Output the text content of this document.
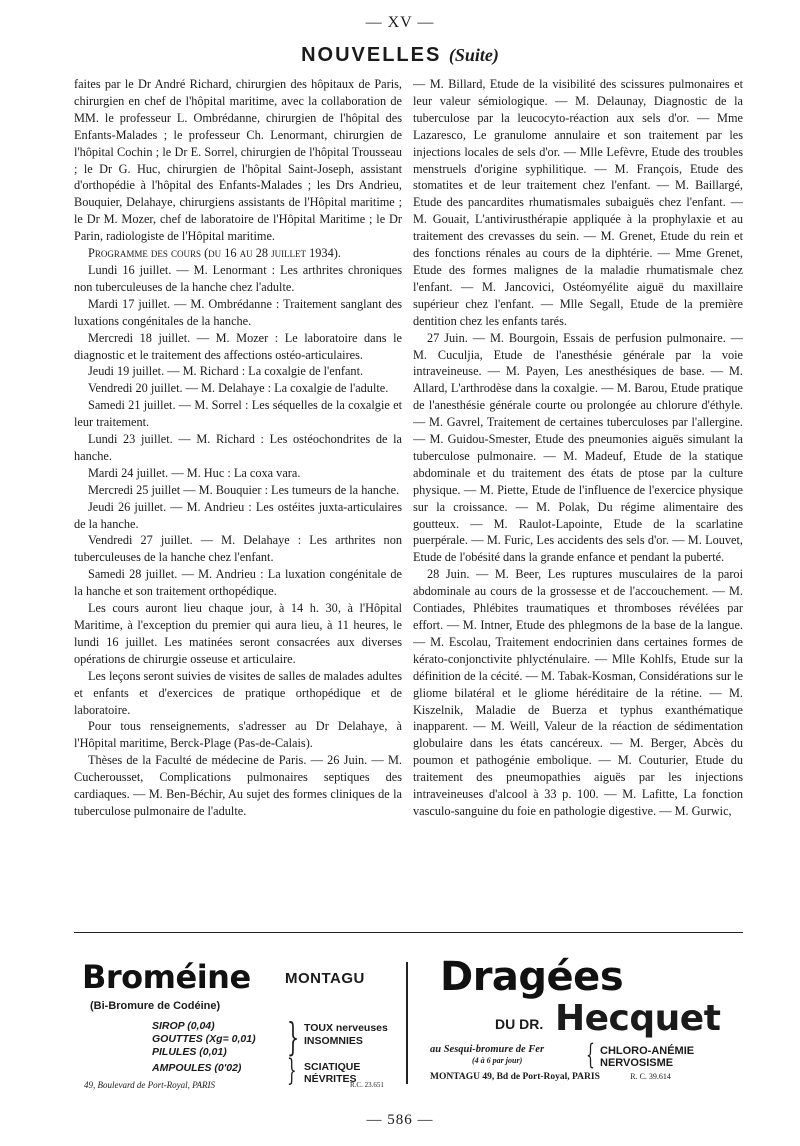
— XV —
NOUVELLES (Suite)

faites par le Dr André Richard, chirurgien des hôpitaux de Paris, chirurgien en chef de l'hôpital maritime, avec la collaboration de MM. le professeur L. Ombrédanne, chirurgien de l'hôpital des Enfants-Malades ; le professeur Ch. Lenormant, chirurgien de l'hôpital Cochin ; le Dr E. Sorrel, chirurgien de l'hôpital Trousseau ; le Dr G. Huc, chirurgien de l'hôpital Saint-Joseph, assistant d'orthopédie à l'hôpital des Enfants-Malades ; les Drs Andrieu, Bouquier, Delahaye, chirurgiens assistants de l'Hôpital maritime ; le Dr M. Mozer, chef de laboratoire de l'Hôpital Maritime ; le Dr Parin, radiologiste de l'Hôpital maritime.

Programme des cours (du 16 au 28 juillet 1934).

Lundi 16 juillet. — M. Lenormant : Les arthrites chroniques non tuberculeuses de la hanche chez l'adulte.

Mardi 17 juillet. — M. Ombrédanne : Traitement sanglant des luxations congénitales de la hanche.

Mercredi 18 juillet. — M. Mozer : Le laboratoire dans le diagnostic et le traitement des affections ostéo-articulaires.

Jeudi 19 juillet. — M. Richard : La coxalgie de l'enfant.

Vendredi 20 juillet. — M. Delahaye : La coxalgie de l'adulte.

Samedi 21 juillet. — M. Sorrel : Les séquelles de la coxalgie et leur traitement.

Lundi 23 juillet. — M. Richard : Les ostéochondrites de la hanche.

Mardi 24 juillet. — M. Huc : La coxa vara.

Mercredi 25 juillet — M. Bouquier : Les tumeurs de la hanche.

Jeudi 26 juillet. — M. Andrieu : Les ostéites juxta-articulaires de la hanche.

Vendredi 27 juillet. — M. Delahaye : Les arthrites non tuberculeuses de la hanche chez l'enfant.

Samedi 28 juillet. — M. Andrieu : La luxation congénitale de la hanche et son traitement orthopédique.

Les cours auront lieu chaque jour, à 14 h. 30, à l'Hôpital Maritime, à l'exception du premier qui aura lieu, à 11 heures, le lundi 16 juillet. Les matinées seront consacrées aux diverses opérations de chirurgie osseuse et articulaire.

Les leçons seront suivies de visites de salles de malades adultes et enfants et d'exercices de pratique orthopédique et de laboratoire.

Pour tous renseignements, s'adresser au Dr Delahaye, à l'Hôpital maritime, Berck-Plage (Pas-de-Calais).

Thèses de la Faculté de médecine de Paris. — 26 Juin. — M. Cucherousset, Complications pulmonaires septiques des cardiaques. — M. Ben-Béchir, Au sujet des formes cliniques de la tuberculose pulmonaire de l'adulte.

— M. Billard, Etude de la visibilité des scissures pulmonaires et leur valeur sémiologique. — M. Delaunay, Diagnostic de la tuberculose par la leucocyto-réaction aux sels d'or. — Mme Lazaresco, Le granulome annulaire et son traitement par les injections locales de sels d'or. — Mlle Lefèvre, Etude des troubles menstruels d'origine syphilitique. — M. François, Etude des stomatites et de leur traitement chez l'enfant. — M. Baillargé, Etude des pancardites rhumatismales subaiguës chez l'enfant. — M. Gouait, L'antivirusthérapie appliquée à la prophylaxie et au traitement des crevasses du sein. — M. Grenet, Etude du rein et des fonctions rénales au cours de la diphtérie. — Mme Grenet, Etude des formes malignes de la maladie rhumatismale chez l'enfant. — M. Jancovici, Ostéomyélite aiguë du maxillaire supérieur chez l'enfant. — Mlle Segall, Etude de la première dentition chez les enfants tarés.

27 Juin. — M. Bourgoin, Essais de perfusion pulmonaire. — M. Cuculjia, Etude de l'anesthésie générale par la voie intraveineuse. — M. Payen, Les anesthésiques de base. — M. Allard, L'arthrodèse dans la coxalgie. — M. Barou, Etude pratique de l'anesthésie générale courte ou prolongée au chlorure d'éthyle. — M. Gavrel, Traitement de certaines tuberculoses par l'allergine. — M. Guidou-Smester, Etude des pneumonies aiguës simulant la tuberculose pulmonaire. — M. Madeuf, Etude de la statique abdominale et du traitement des états de ptose par la culture physique. — M. Piette, Etude de l'influence de l'exercice physique sur la croissance. — M. Polak, Du régime alimentaire des goutteux. — M. Raulot-Lapointe, Etude de la scarlatine puerpérale. — M. Furic, Les accidents des sels d'or. — M. Louvet, Etude de l'obésité dans la grande enfance et pendant la puberté.

28 Juin. — M. Beer, Les ruptures musculaires de la paroi abdominale au cours de la grossesse et de l'accouchement. — M. Contiades, Phlébites traumatiques et thromboses révélées par effort. — M. Intner, Etude des phlegmons de la base de la langue. — M. Escolau, Traitement endocrinien dans certaines formes de kérato-conjonctivite phlycténulaire. — Mlle Kohlfs, Etude sur la définition de la cécité. — M. Tabak-Kosman, Considérations sur le gliome bilatéral et le gliome héréditaire de la rétine. — M. Kiszelnik, Maladie de Buerza et typhus exanthématique inapparent. — M. Weill, Valeur de la réaction de sédimentation globulaire dans les états cancéreux. — M. Berger, Abcès du poumon et pathogénie embolique. — M. Couturier, Etude du traitement des pneumopathies aiguës par les injections intraveineuses d'alcool à 33 p. 100. — M. Lafitte, La fonction vasculo-sanguine du foie en pathologie digestive. — M. Gurwic,

Broméine MONTAGU
(Bi-Bromure de Codéine)
SIROP (0,04)
GOUTTES (Xg= 0,01)
PILULES (0,01)	} TOUX nerveuses
INSOMNIES
AMPOULES (0'02) } SCIATIQUE
NÉVRITES
49, Boulevard de Port-Royal, PARIS	R.C. 23.651
Dragées
DU DR. Hecquet
au Sesqui-bromure de Fer
(4 à 6 par jour) { CHLORO-ANÉMIE
NERVOSISME
MONTAGU 49, Bd de Port-Royal, PARIS	R. C. 39.614
— 586 —
